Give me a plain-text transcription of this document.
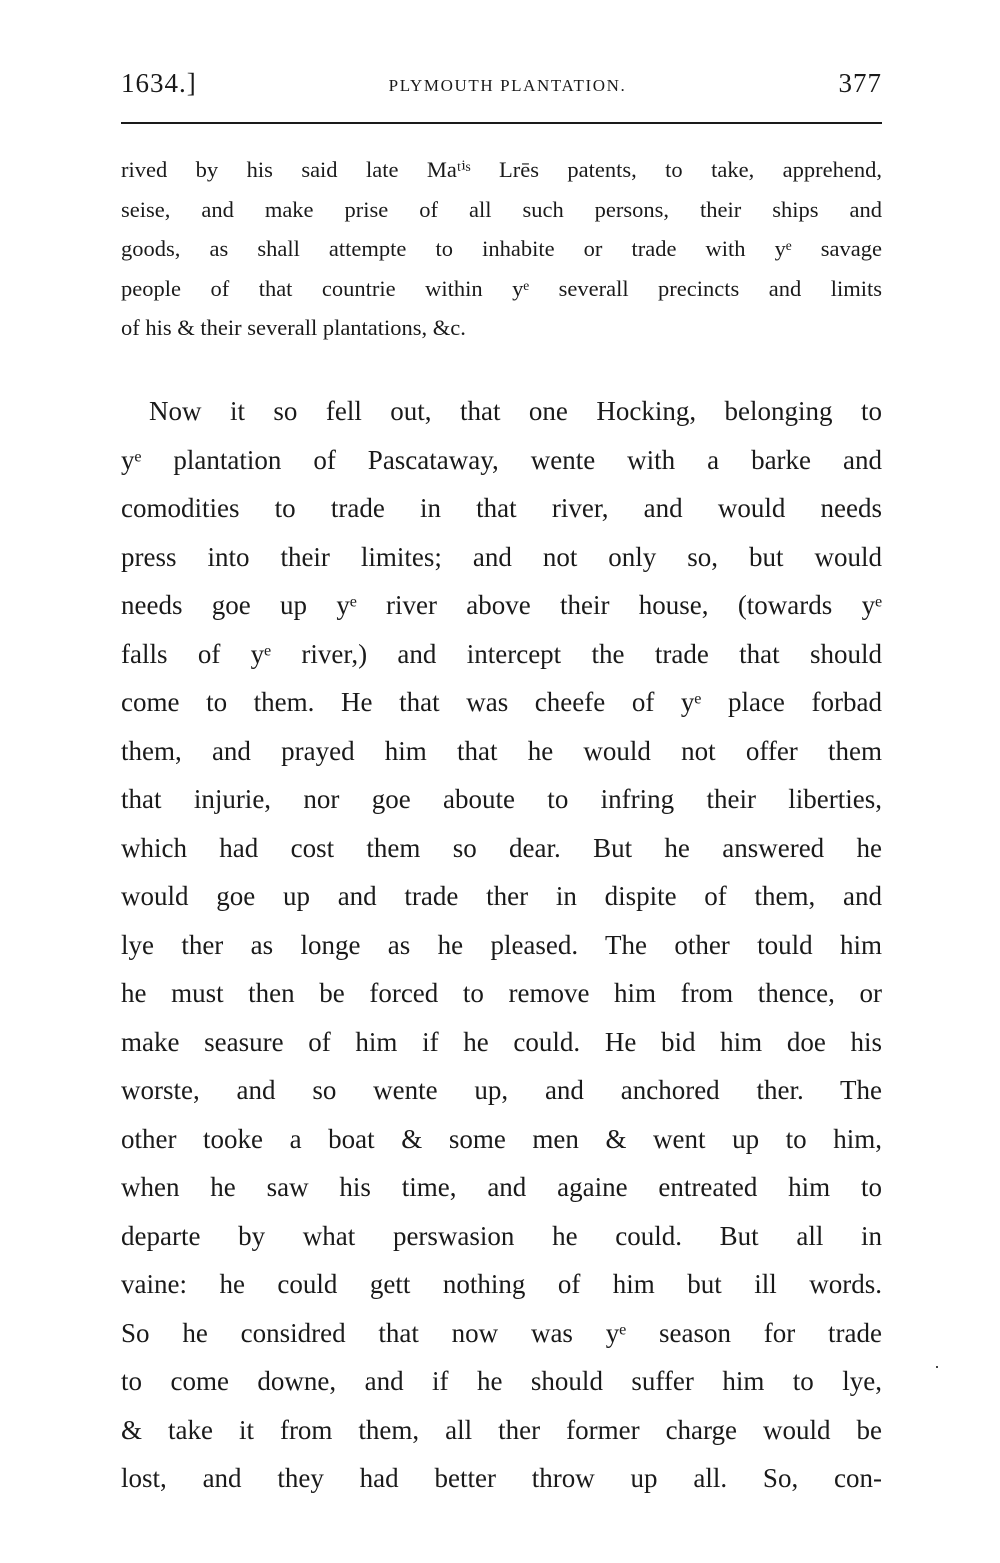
1634.]	PLYMOUTH PLANTATION.	377
rived by his said late Maᵗⁱˢ Lrēs patents, to take, apprehend,
seise, and make prise of all such persons, their ships and
goods, as shall attempte to inhabite or trade with yᵉ savage
people of that countrie within yᵉ severall precincts and limits
of his & their severall plantations, &c.
Now it so fell out, that one Hocking, belonging to
yᵉ plantation of Pascataway, wente with a barke and
comodities to trade in that river, and would needs
press into their limites; and not only so, but would
needs goe up yᵉ river above their house, (towards yᵉ
falls of yᵉ river,) and intercept the trade that should
come to them. He that was cheefe of yᵉ place forbad
them, and prayed him that he would not offer them
that injurie, nor goe aboute to infring their liberties,
which had cost them so dear. But he answered he
would goe up and trade ther in dispite of them, and
lye ther as longe as he pleased. The other tould him
he must then be forced to remove him from thence, or
make seasure of him if he could. He bid him doe his
worste, and so wente up, and anchored ther. The
other tooke a boat & some men & went up to him,
when he saw his time, and againe entreated him to
departe by what perswasion he could. But all in
vaine: he could gett nothing of him but ill words.
So he considred that now was yᵉ season for trade
to come downe, and if he should suffer him to lye,
& take it from them, all ther former charge would be
lost, and they had better throw up all. So, con-
